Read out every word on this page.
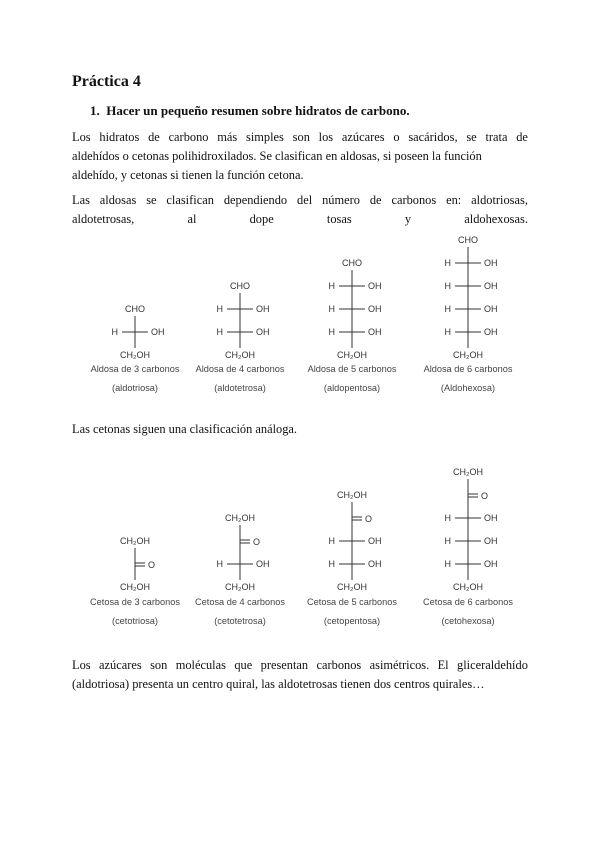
Práctica 4
1. Hacer un pequeño resumen sobre hidratos de carbono.
Los hidratos de carbono más simples son los azúcares o sacáridos, se trata de
aldehídos o cetonas polihidroxilados. Se clasifican en aldosas, si poseen la función
aldehído, y cetonas si tienen la función cetona.
Las aldosas se clasifican dependiendo del número de carbonos en: aldotriosas,
aldotetrosas,	al	dope	tosas	y	aldohexosas.
CHO
H	OH
CH₂OH
Aldosa de 3 carbonos
(aldotriosa)
CHO
H	OH
H	OH
CH₂OH
Aldosa de 4 carbonos
(aldotetrosa)
CHO
H	OH
H	OH
H	OH
CH₂OH
Aldosa de 5 carbonos
(aldopentosa)
CHO
H	OH
H	OH
H	OH
H	OH
CH₂OH
Aldosa de 6 carbonos
(Aldohexosa)
Las cetonas siguen una clasificación análoga.
CH₂OH
O
CH₂OH
Cetosa de 3 carbonos
(cetotriosa)
CH₂OH
O
H	OH
CH₂OH
Cetosa de 4 carbonos
(cetotetrosa)
CH₂OH
O
H	OH
H	OH
CH₂OH
Cetosa de 5 carbonos
(cetopentosa)
CH₂OH
O
H	OH
H	OH
H	OH
CH₂OH
Cetosa de 6 carbonos
(cetohexosa)
Los azúcares son moléculas que presentan carbonos asimétricos. El gliceraldehído
(aldotriosa) presenta un centro quiral, las aldotetrosas tienen dos centros quirales…
